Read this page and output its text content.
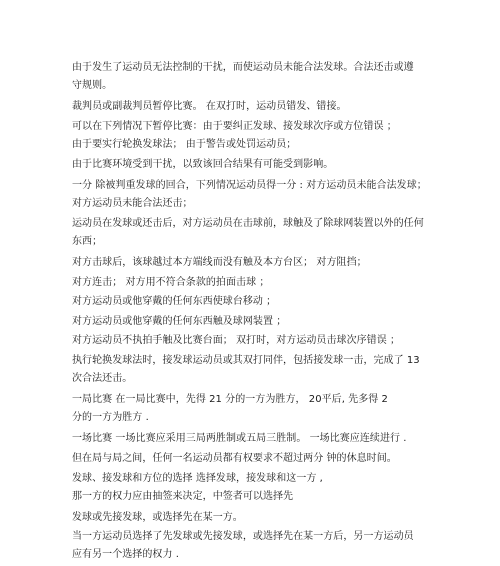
由于发生了运动员无法控制的干扰，而使运动员未能合法发球。合法还击或遵
守规则。
裁判员或副裁判员暂停比赛。 在双打时，运动员错发、错接。
可以在下列情况下暂停比赛：由于要纠正发球、接发球次序或方位错误 ；
由于要实行轮换发球法； 由于警告或处罚运动员；
由于比赛环境受到干扰，以致该回合结果有可能受到影响。
一分 除被判重发球的回合，下列情况运动员得一分 : 对方运动员未能合法发球；
对方运动员未能合法还击；
运动员在发球或还击后，对方运动员在击球前，球触及了除球网装置以外的任何
东西；
对方击球后，该球越过本方端线而没有触及本方台区； 对方阻挡；
对方连击； 对方用不符合条款的拍面击球 ；
对方运动员或他穿戴的任何东西使球台移动 ；
对方运动员或他穿戴的任何东西触及球网装置 ；
对方运动员不执拍手触及比赛台面； 双打时，对方运动员击球次序错误 ；
执行轮换发球法时，接发球运动员或其双打同伴，包括接发球一击，完成了 13
次合法还击。
一局比赛 在一局比赛中，先得 21 分的一方为胜方， 20平后, 先多得 2
分的一方为胜方 .
一场比赛 一场比赛应采用三局两胜制或五局三胜制。 一场比赛应连续进行 .
但在局与局之间，任何一名运动员都有权要求不超过两分 钟的休息时间。
发球、接发球和方位的选择 选择发球，接发球和这一方 ,
那一方的权力应由抽签来决定，中签者可以选择先
发球或先接发球，或选择先在某一方。
当一方运动员选择了先发球或先接发球，或选择先在某一方后，另一方运动员
应有另一个选择的权力 .
